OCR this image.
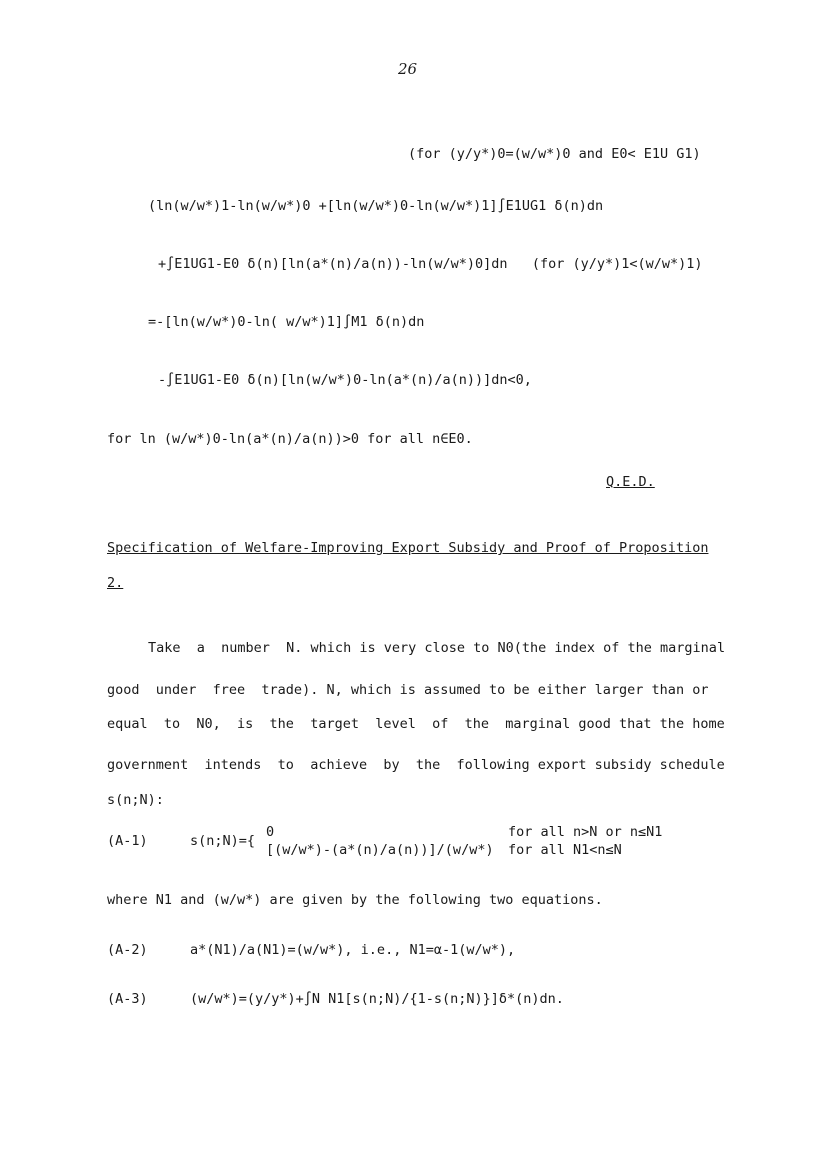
26
(for (y/y*)0=(w/w*)0 and E0< E1U G1)
(ln(w/w*)1-ln(w/w*)0 +[ln(w/w*)0-ln(w/w*)1]∫E1UG1 δ(n)dn
+∫E1UG1-E0 δ(n)[ln(a*(n)/a(n))-ln(w/w*)0]dn   (for (y/y*)1<(w/w*)1)
=-[ln(w/w*)0-ln( w/w*)1]∫M1 δ(n)dn
-∫E1UG1-E0 δ(n)[ln(w/w*)0-ln(a*(n)/a(n))]dn<0,
for ln (w/w*)0-ln(a*(n)/a(n))>0 for all n∈E0.
Q.E.D.
Specification of Welfare-Improving Export Subsidy and Proof of Proposition
2.
Take  a  number  N. which is very close to N0(the index of the marginal
good  under  free  trade). N, which is assumed to be either larger than or
equal  to  N0,  is  the  target  level  of  the  marginal good that the home
government  intends  to  achieve  by  the  following export subsidy schedule
s(n;N):
(A-1)	s(n;N)={
0	for all n>N or n≤N1
[(w/w*)-(a*(n)/a(n))]/(w/w*) for all N1<n≤N
where N1 and (w/w*) are given by the following two equations.
(A-2)	a*(N1)/a(N1)=(w/w*), i.e., N1=α-1(w/w*),
(A-3)	(w/w*)=(y/y*)+∫N N1[s(n;N)/{1-s(n;N)}]δ*(n)dn.
